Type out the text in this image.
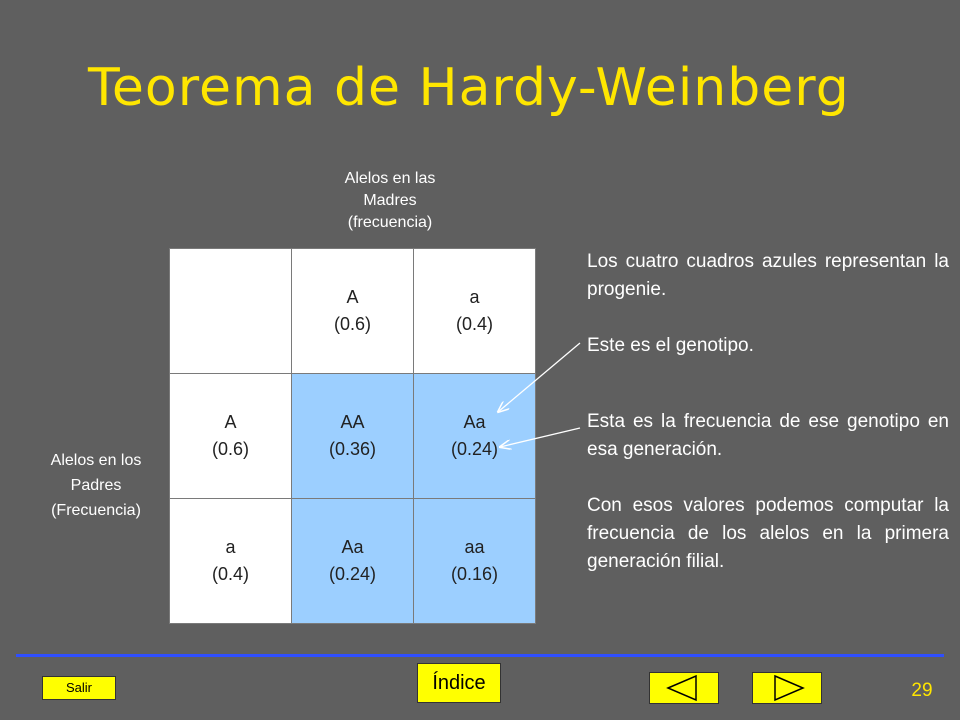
Teorema de Hardy-Weinberg
Alelos en las
Madres
(frecuencia)
Alelos en los
Padres
(Frecuencia)

	A
(0.6)	a
(0.4)

A
(0.6)	AA
(0.36)	Aa
(0.24)

a
(0.4)	Aa
(0.24)	aa
(0.16)

Los cuatro cuadros azules representan la progenie.

Este es el genotipo.

Esta es la frecuencia de ese genotipo en esa generación.

Con esos valores podemos computar la frecuencia de los alelos en la primera generación filial.

Salir	Índice	29
